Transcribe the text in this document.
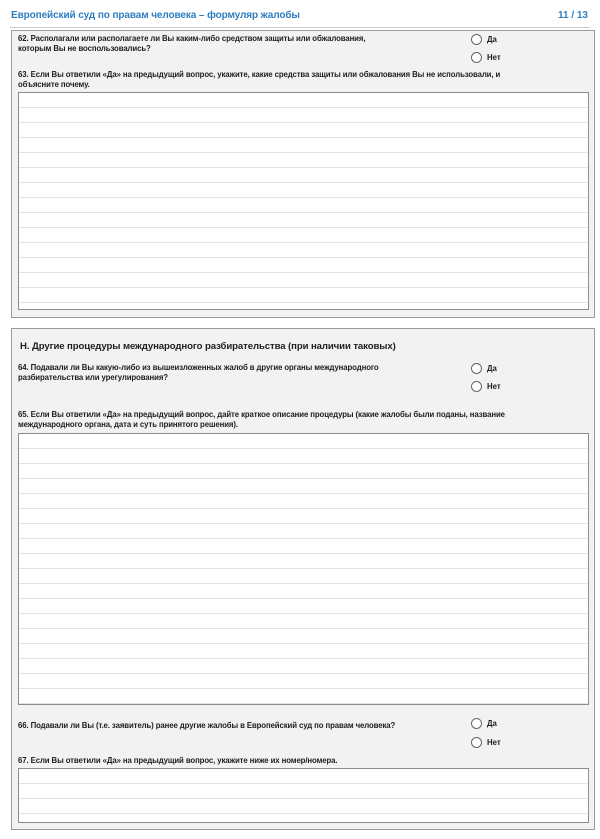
Европейский суд по правам человека – формуляр жалобы	11 / 13
62. Располагали или располагаете ли Вы каким-либо средством защиты или обжалования,
которым Вы не воспользовались?
Да
Нет
63. Если Вы ответили «Да» на предыдущий вопрос, укажите, какие средства защиты или обжалования Вы не использовали, и
объясните почему.
H. Другие процедуры международного разбирательства (при наличии таковых)
64. Подавали ли Вы какую-либо из вышеизложенных жалоб в другие органы международного
разбирательства или урегулирования?
Да
Нет
65. Если Вы ответили «Да» на предыдущий вопрос, дайте краткое описание процедуры (какие жалобы были поданы, название
международного органа, дата и суть принятого решения).
66. Подавали ли Вы (т.е. заявитель) ранее другие жалобы в Европейский суд по правам человека?	Да
Нет
67. Если Вы ответили «Да» на предыдущий вопрос, укажите ниже их номер/номера.
